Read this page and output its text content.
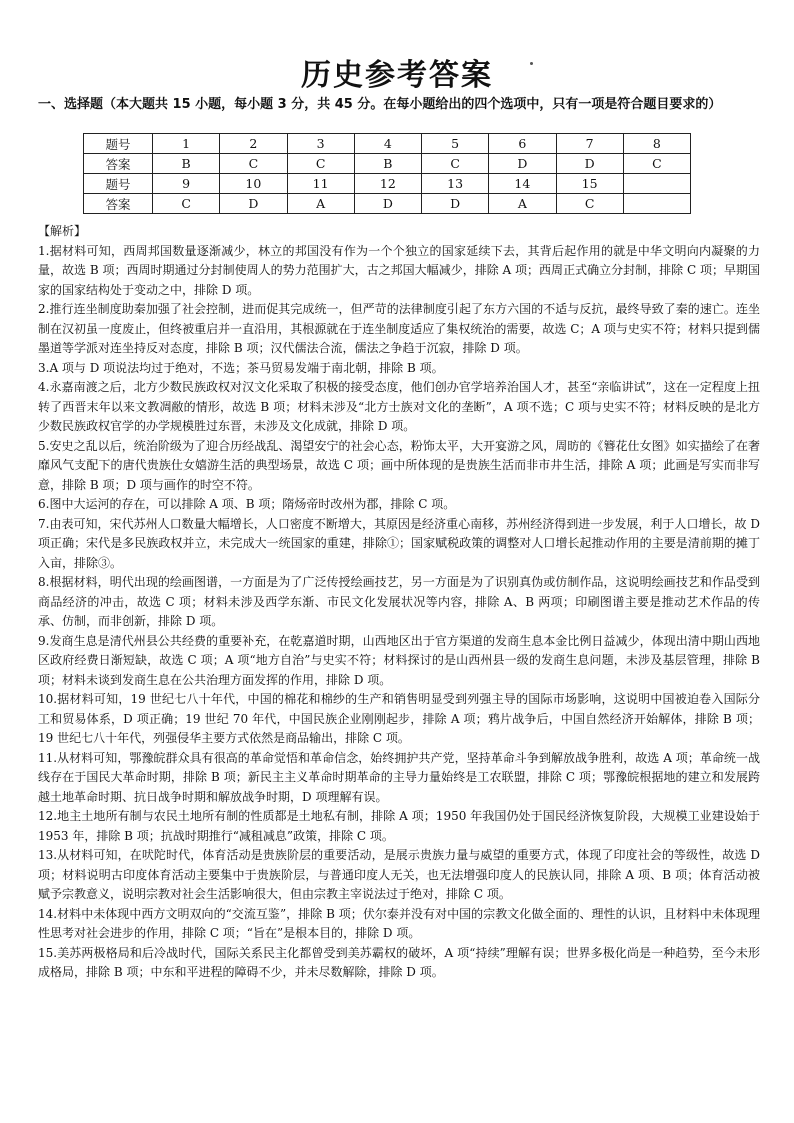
历史参考答案
一、选择题（本大题共 15 小题，每小题 3 分，共 45 分。在每小题给出的四个选项中，只有一项是符合题目要求的）
题号	1	2	3	4	5	6	7	8
答案	B	C	C	B	C	D	D	C
题号	9	10	11	12	13	14	15	
答案	C	D	A	D	D	A	C	

【解析】

1.据材料可知，西周邦国数量逐渐减少，林立的邦国没有作为一个个独立的国家延续下去，其背后起作用的就是中华文明向内凝聚的力量，故选 B 项；西周时期通过分封制使周人的势力范围扩大，古之邦国大幅减少，排除 A 项；西周正式确立分封制，排除 C 项；早期国家的国家结构处于变动之中，排除 D 项。

2.推行连坐制度助秦加强了社会控制，进而促其完成统一，但严苛的法律制度引起了东方六国的不适与反抗，最终导致了秦的速亡。连坐制在汉初虽一度废止，但终被重启并一直沿用，其根源就在于连坐制度适应了集权统治的需要，故选 C；A 项与史实不符；材料只提到儒墨道等学派对连坐持反对态度，排除 B 项；汉代儒法合流，儒法之争趋于沉寂，排除 D 项。

3.A 项与 D 项说法均过于绝对，不选；茶马贸易发端于南北朝，排除 B 项。

4.永嘉南渡之后，北方少数民族政权对汉文化采取了积极的接受态度，他们创办官学培养治国人才，甚至“亲临讲试”，这在一定程度上扭转了西晋末年以来文教凋敝的情形，故选 B 项；材料未涉及“北方士族对文化的垄断”，A 项不选；C 项与史实不符；材料反映的是北方少数民族政权官学的办学规模胜过东晋，未涉及文化成就，排除 D 项。

5.安史之乱以后，统治阶级为了迎合历经战乱、渴望安宁的社会心态，粉饰太平，大开宴游之风，周昉的《簪花仕女图》如实描绘了在奢靡风气支配下的唐代贵族仕女嬉游生活的典型场景，故选 C 项；画中所体现的是贵族生活而非市井生活，排除 A 项；此画是写实而非写意，排除 B 项；D 项与画作的时空不符。

6.图中大运河的存在，可以排除 A 项、B 项；隋炀帝时改州为郡，排除 C 项。

7.由表可知，宋代苏州人口数量大幅增长，人口密度不断增大，其原因是经济重心南移，苏州经济得到进一步发展，利于人口增长，故 D 项正确；宋代是多民族政权并立，未完成大一统国家的重建，排除①；国家赋税政策的调整对人口增长起推动作用的主要是清前期的摊丁入亩，排除③。

8.根据材料，明代出现的绘画图谱，一方面是为了广泛传授绘画技艺，另一方面是为了识别真伪或仿制作品，这说明绘画技艺和作品受到商品经济的冲击，故选 C 项；材料未涉及西学东渐、市民文化发展状况等内容，排除 A、B 两项；印刷图谱主要是推动艺术作品的传承、仿制，而非创新，排除 D 项。

9.发商生息是清代州县公共经费的重要补充，在乾嘉道时期，山西地区出于官方渠道的发商生息本金比例日益减少，体现出清中期山西地区政府经费日渐短缺，故选 C 项；A 项“地方自治”与史实不符；材料探讨的是山西州县一级的发商生息问题，未涉及基层管理，排除 B 项；材料未谈到发商生息在公共治理方面发挥的作用，排除 D 项。

10.据材料可知，19 世纪七八十年代，中国的棉花和棉纱的生产和销售明显受到列强主导的国际市场影响，这说明中国被迫卷入国际分工和贸易体系，D 项正确；19 世纪 70 年代，中国民族企业刚刚起步，排除 A 项；鸦片战争后，中国自然经济开始解体，排除 B 项；19 世纪七八十年代，列强侵华主要方式依然是商品输出，排除 C 项。

11.从材料可知，鄂豫皖群众具有很高的革命觉悟和革命信念，始终拥护共产党，坚持革命斗争到解放战争胜利，故选 A 项；革命统一战线存在于国民大革命时期，排除 B 项；新民主主义革命时期革命的主导力量始终是工农联盟，排除 C 项；鄂豫皖根据地的建立和发展跨越土地革命时期、抗日战争时期和解放战争时期，D 项理解有误。

12.地主土地所有制与农民土地所有制的性质都是土地私有制，排除 A 项；1950 年我国仍处于国民经济恢复阶段，大规模工业建设始于 1953 年，排除 B 项；抗战时期推行“减租减息”政策，排除 C 项。

13.从材料可知，在吠陀时代，体育活动是贵族阶层的重要活动，是展示贵族力量与威望的重要方式，体现了印度社会的等级性，故选 D 项；材料说明古印度体育活动主要集中于贵族阶层，与普通印度人无关，也无法增强印度人的民族认同，排除 A 项、B 项；体育活动被赋予宗教意义，说明宗教对社会生活影响很大，但由宗教主宰说法过于绝对，排除 C 项。

14.材料中未体现中西方文明双向的“交流互鉴”，排除 B 项；伏尔泰并没有对中国的宗教文化做全面的、理性的认识，且材料中未体现理性思考对社会进步的作用，排除 C 项；“旨在”是根本目的，排除 D 项。

15.美苏两极格局和后冷战时代，国际关系民主化都曾受到美苏霸权的破坏，A 项“持续”理解有误；世界多极化尚是一种趋势，至今未形成格局，排除 B 项；中东和平进程的障碍不少，并未尽数解除，排除 D 项。
